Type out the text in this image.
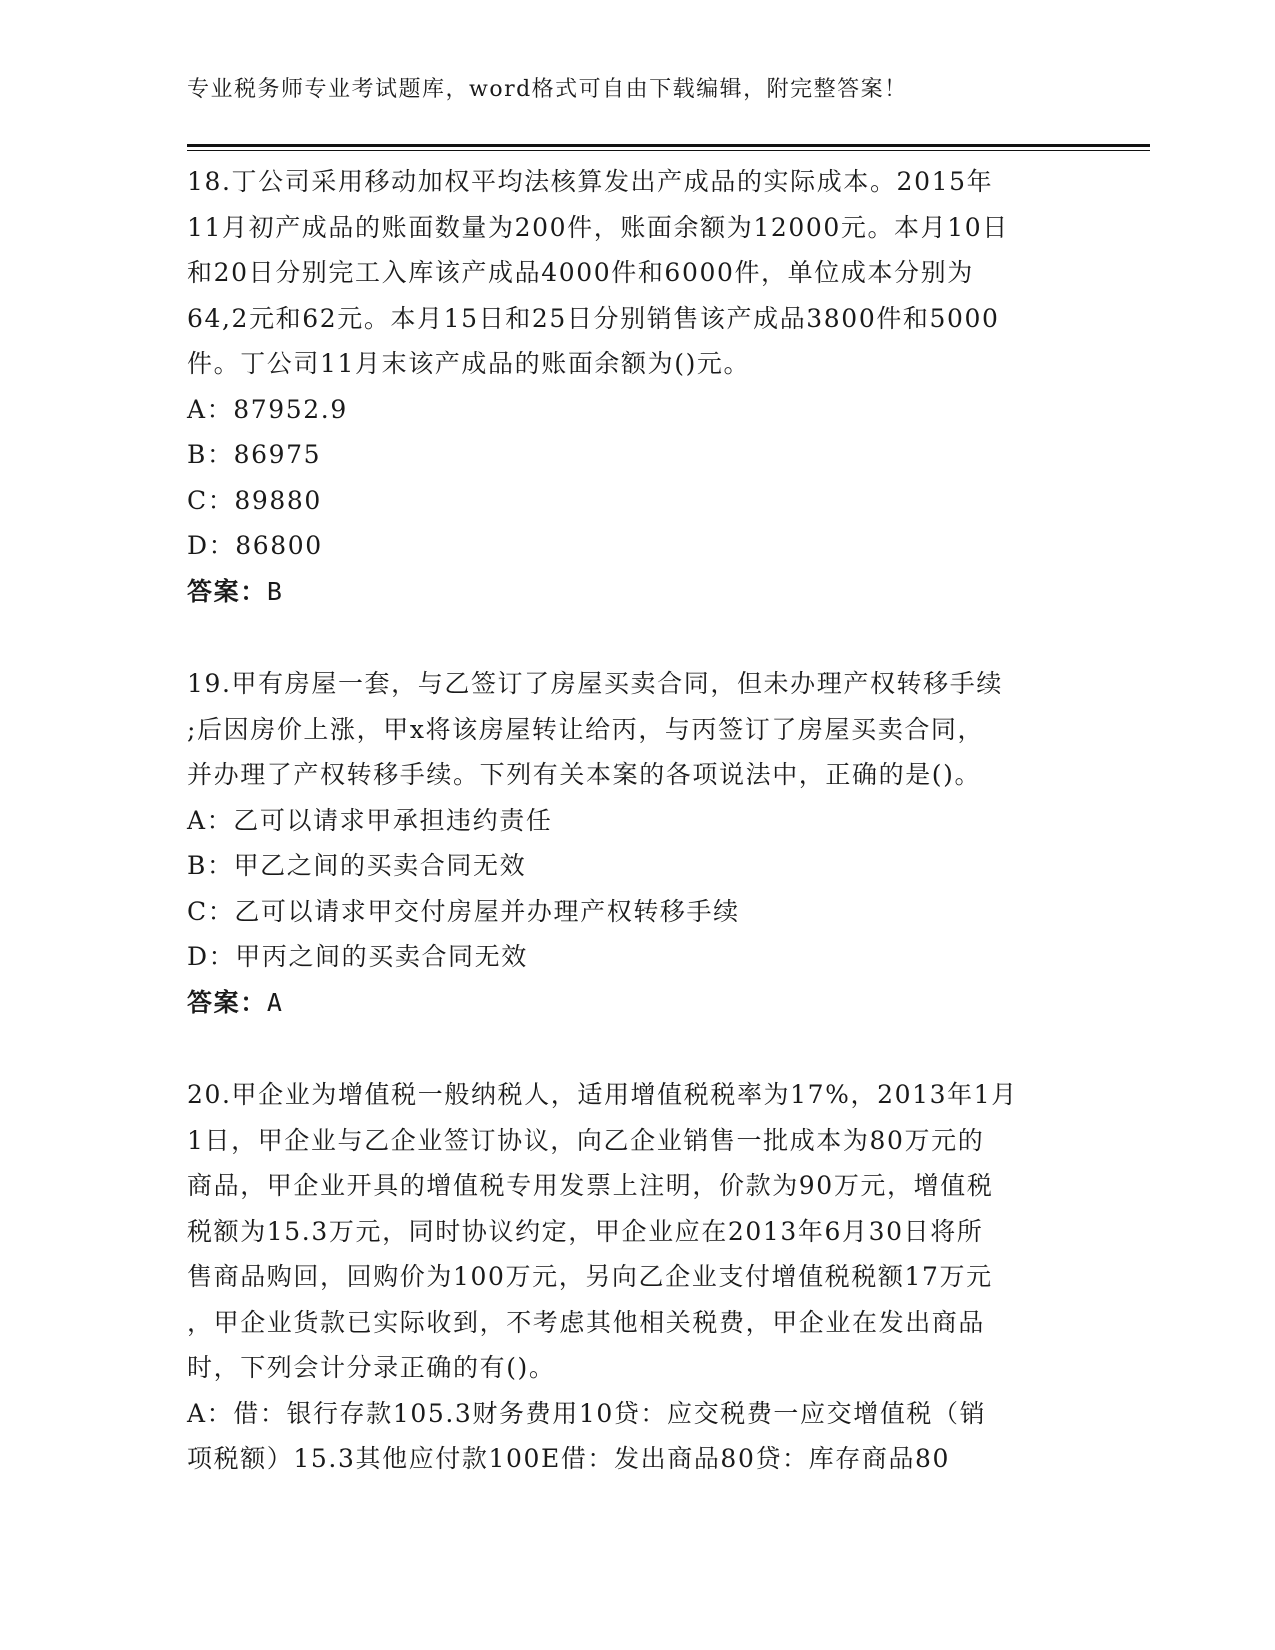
专业税务师专业考试题库，word格式可自由下载编辑，附完整答案！
18.丁公司采用移动加权平均法核算发出产成品的实际成本。2015年
11月初产成品的账面数量为200件，账面余额为12000元。本月10日
和20日分别完工入库该产成品4000件和6000件，单位成本分别为
64,2元和62元。本月15日和25日分别销售该产成品3800件和5000
件。丁公司11月末该产成品的账面余额为()元。
A：87952.9
B：86975
C：89880
D：86800
答案：B
19.甲有房屋一套，与乙签订了房屋买卖合同，但未办理产权转移手续
;后因房价上涨，甲x将该房屋转让给丙，与丙签订了房屋买卖合同，
并办理了产权转移手续。下列有关本案的各项说法中，正确的是()。
A：乙可以请求甲承担违约责任
B：甲乙之间的买卖合同无效
C：乙可以请求甲交付房屋并办理产权转移手续
D：甲丙之间的买卖合同无效
答案：A
20.甲企业为增值税一般纳税人，适用增值税税率为17%，2013年1月
1日，甲企业与乙企业签订协议，向乙企业销售一批成本为80万元的
商品，甲企业开具的增值税专用发票上注明，价款为90万元，增值税
税额为15.3万元，同时协议约定，甲企业应在2013年6月30日将所
售商品购回，回购价为100万元，另向乙企业支付增值税税额17万元
，甲企业货款已实际收到，不考虑其他相关税费，甲企业在发出商品
时，下列会计分录正确的有()。
A：借：银行存款105.3财务费用10贷：应交税费一应交增值税（销
项税额）15.3其他应付款100E借：发出商品80贷：库存商品80
